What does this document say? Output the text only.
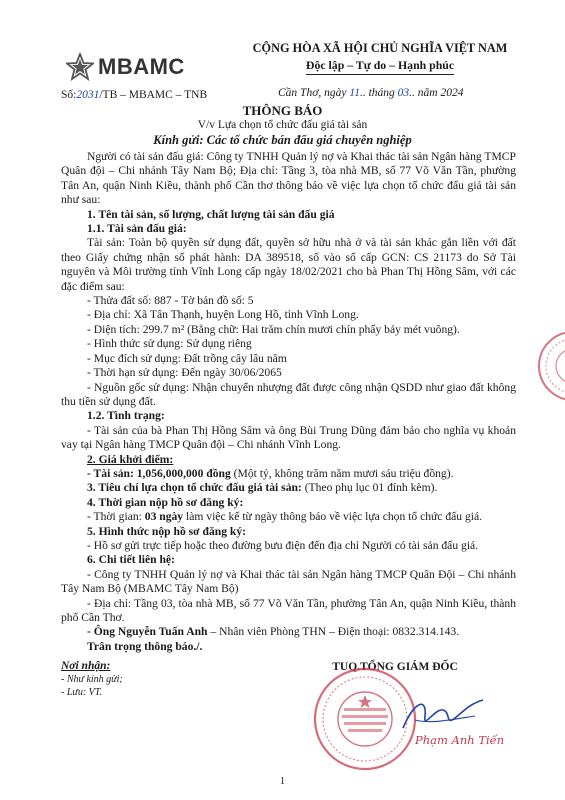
MBAMC
Số:2031/TB – MBAMC – TNB
CỘNG HÒA XÃ HỘI CHỦ NGHĨA VIỆT NAM
Độc lập – Tự do – Hạnh phúc
Cần Thơ, ngày 11.. tháng 03.. năm 2024
THÔNG BÁO
V/v Lựa chọn tổ chức đấu giá tài sản
Kính gửi: Các tổ chức bán đấu giá chuyên nghiệp

Người có tài sản đấu giá: Công ty TNHH Quản lý nợ và Khai thác tài sản Ngân hàng TMCP Quân đội – Chi nhánh Tây Nam Bộ; Địa chỉ: Tầng 3, tòa nhà MB, số 77 Võ Văn Tần, phường Tân An, quận Ninh Kiều, thành phố Cần thơ thông báo về việc lựa chọn tổ chức đấu giá tài sản như sau:

1. Tên tài sản, số lượng, chất lượng tài sản đấu giá

1.1. Tài sản đấu giá:

Tài sản: Toàn bộ quyền sử dụng đất, quyền sở hữu nhà ở và tài sản khác gắn liền với đất theo Giấy chứng nhận số phát hành: DA 389518, số vào sổ cấp GCN: CS 21173 do Sở Tài nguyên và Môi trường tỉnh Vĩnh Long cấp ngày 18/02/2021 cho bà Phan Thị Hồng Sâm, với các đặc điểm sau:

- Thửa đất số: 887 - Tờ bản đồ số: 5

- Địa chỉ: Xã Tân Thạnh, huyện Long Hồ, tỉnh Vĩnh Long.

- Diện tích: 299.7 m² (Bằng chữ: Hai trăm chín mươi chín phẩy bảy mét vuông).

- Hình thức sử dụng: Sử dụng riêng

- Mục đích sử dụng: Đất trồng cây lâu năm

- Thời hạn sử dụng: Đến ngày 30/06/2065

- Nguồn gốc sử dụng: Nhận chuyển nhượng đất được công nhận QSDD như giao đất không thu tiền sử dụng đất.

1.2. Tình trạng:

- Tài sản của bà Phan Thị Hồng Sâm và ông Bùi Trung Dũng đảm bảo cho nghĩa vụ khoản vay tại Ngân hàng TMCP Quân đội – Chi nhánh Vĩnh Long.

2. Giá khởi điểm:

- Tài sản: 1,056,000,000 đồng (Một tỷ, không trăm năm mươi sáu triệu đồng).

3. Tiêu chí lựa chọn tổ chức đấu giá tài sản: (Theo phụ lục 01 đính kèm).

4. Thời gian nộp hồ sơ đăng ký:

- Thời gian: 03 ngày làm việc kể từ ngày thông báo về việc lựa chọn tổ chức đấu giá.

5. Hình thức nộp hồ sơ đăng ký:

- Hồ sơ gửi trực tiếp hoặc theo đường bưu điện đến địa chỉ Người có tài sản đấu giá.

6. Chi tiết liên hệ:

- Công ty TNHH Quản lý nợ và Khai thác tài sản Ngân hàng TMCP Quân Đội – Chi nhánh Tây Nam Bộ (MBAMC Tây Nam Bộ)

- Địa chỉ: Tầng 03, tòa nhà MB, số 77 Võ Văn Tần, phường Tân An, quận Ninh Kiều, thành phố Cần Thơ.

- Ông Nguyễn Tuấn Anh – Nhân viên Phòng THN – Điện thoại: 0832.314.143.

Trân trọng thông báo./.

Nơi nhận:
- Như kính gửi;
- Lưu: VT.
TUQ.TỔNG GIÁM ĐỐC
Phạm Anh Tiến
1
